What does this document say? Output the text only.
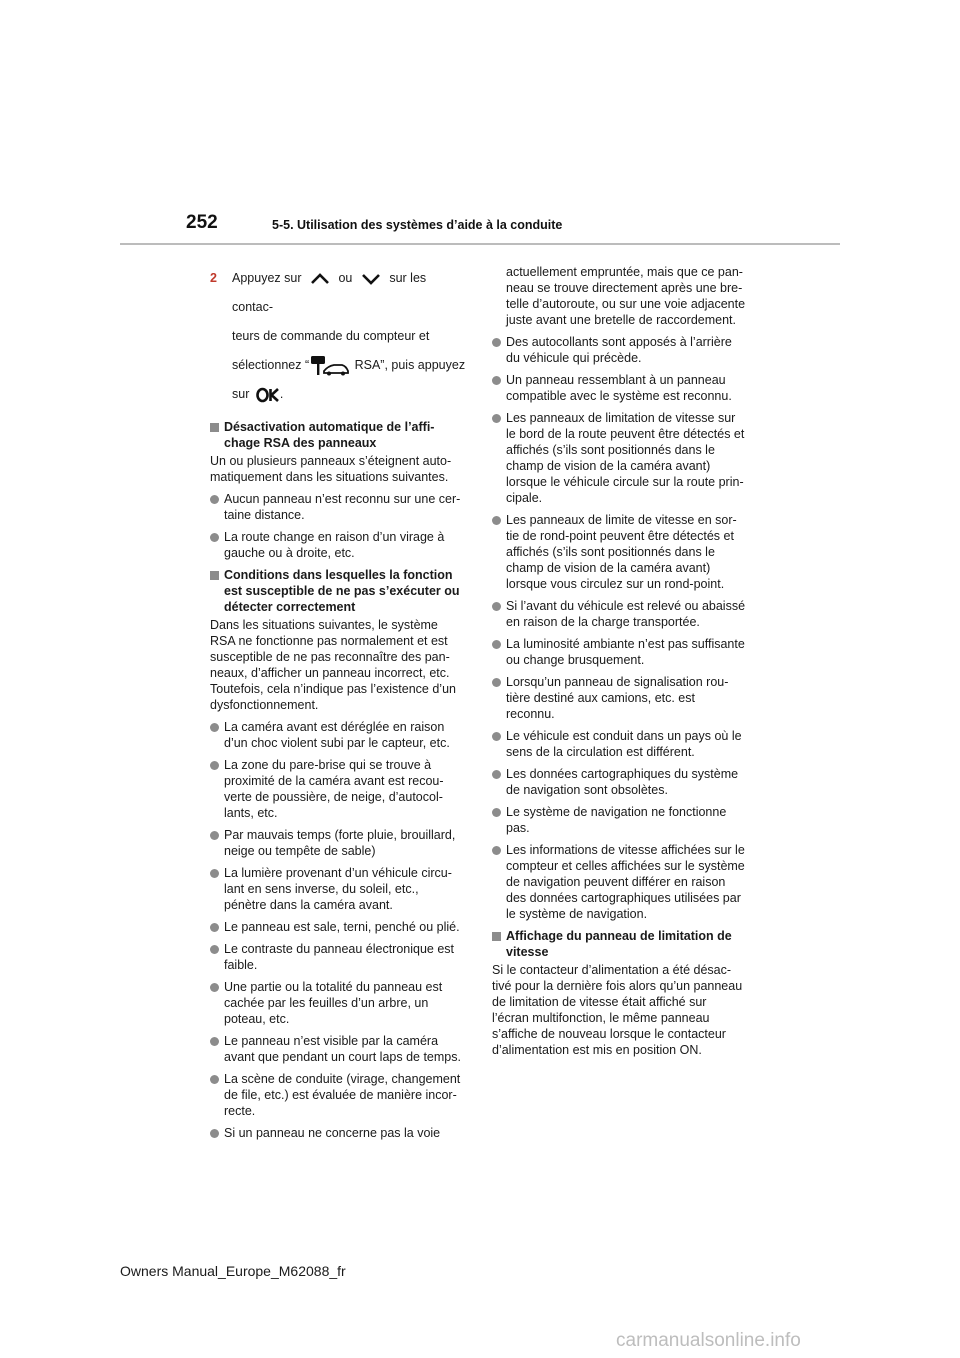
252	5-5. Utilisation des systèmes d’aide à la conduite
2 Appuyez sur	ou	sur les contac-
teurs de commande du compteur et
sélectionnez “	RSA”, puis appuyez
sur .
Désactivation automatique de l’affi-
chage RSA des panneaux

Un ou plusieurs panneaux s’éteignent auto-
matiquement dans les situations suivantes.

Aucun panneau n’est reconnu sur une cer-
taine distance.
La route change en raison d’un virage à
gauche ou à droite, etc.
Conditions dans lesquelles la fonction
est susceptible de ne pas s’exécuter ou
détecter correctement

Dans les situations suivantes, le système
RSA ne fonctionne pas normalement et est
susceptible de ne pas reconnaître des pan-
neaux, d’afficher un panneau incorrect, etc.
Toutefois, cela n’indique pas l’existence d’un
dysfonctionnement.

La caméra avant est déréglée en raison
d’un choc violent subi par le capteur, etc.
La zone du pare-brise qui se trouve à
proximité de la caméra avant est recou-
verte de poussière, de neige, d’autocol-
lants, etc.
Par mauvais temps (forte pluie, brouillard,
neige ou tempête de sable)
La lumière provenant d’un véhicule circu-
lant en sens inverse, du soleil, etc.,
pénètre dans la caméra avant.
Le panneau est sale, terni, penché ou plié.
Le contraste du panneau électronique est
faible.
Une partie ou la totalité du panneau est
cachée par les feuilles d’un arbre, un
poteau, etc.
Le panneau n’est visible par la caméra
avant que pendant un court laps de temps.
La scène de conduite (virage, changement
de file, etc.) est évaluée de manière incor-
recte.
Si un panneau ne concerne pas la voie

actuellement empruntée, mais que ce pan-
neau se trouve directement après une bre-
telle d’autoroute, ou sur une voie adjacente
juste avant une bretelle de raccordement.

Des autocollants sont apposés à l’arrière
du véhicule qui précède.
Un panneau ressemblant à un panneau
compatible avec le système est reconnu.
Les panneaux de limitation de vitesse sur
le bord de la route peuvent être détectés et
affichés (s’ils sont positionnés dans le
champ de vision de la caméra avant)
lorsque le véhicule circule sur la route prin-
cipale.
Les panneaux de limite de vitesse en sor-
tie de rond-point peuvent être détectés et
affichés (s’ils sont positionnés dans le
champ de vision de la caméra avant)
lorsque vous circulez sur un rond-point.
Si l’avant du véhicule est relevé ou abaissé
en raison de la charge transportée.
La luminosité ambiante n’est pas suffisante
ou change brusquement.
Lorsqu’un panneau de signalisation rou-
tière destiné aux camions, etc. est
reconnu.
Le véhicule est conduit dans un pays où le
sens de la circulation est différent.
Les données cartographiques du système
de navigation sont obsolètes.
Le système de navigation ne fonctionne
pas.
Les informations de vitesse affichées sur le
compteur et celles affichées sur le système
de navigation peuvent différer en raison
des données cartographiques utilisées par
le système de navigation.
Affichage du panneau de limitation de
vitesse

Si le contacteur d’alimentation a été désac-
tivé pour la dernière fois alors qu’un panneau
de limitation de vitesse était affiché sur
l’écran multifonction, le même panneau
s’affiche de nouveau lorsque le contacteur
d’alimentation est mis en position ON.

Owners Manual_Europe_M62088_fr
carmanualsonline.info
